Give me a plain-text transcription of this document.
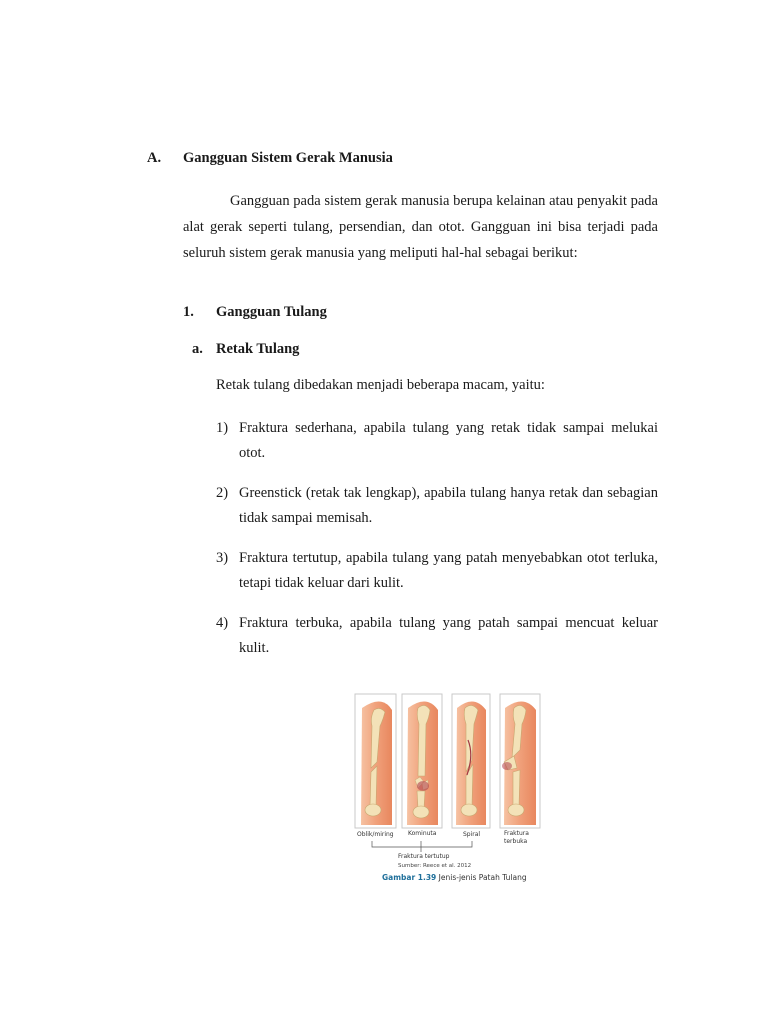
A. Gangguan Sistem Gerak Manusia
Gangguan pada sistem gerak manusia berupa kelainan atau penyakit pada alat gerak seperti tulang, persendian, dan otot. Gangguan ini bisa terjadi pada seluruh sistem gerak manusia yang meliputi hal-hal sebagai berikut:
1. Gangguan Tulang
a. Retak Tulang
Retak tulang dibedakan menjadi beberapa macam, yaitu:
1) Fraktura sederhana, apabila tulang yang retak tidak sampai melukai otot.
2) Greenstick (retak tak lengkap), apabila tulang hanya retak dan sebagian tidak sampai memisah.
3) Fraktura tertutup, apabila tulang yang patah menyebabkan otot terluka, tetapi tidak keluar dari kulit.
4) Fraktura terbuka, apabila tulang yang patah sampai mencuat keluar kulit.
Oblik/miring Kominuta	Spiral	Fraktura
terbuka
Fraktura tertutup
Sumber: Reece et al. 2012
Gambar 1.39 Jenis-jenis Patah Tulang
